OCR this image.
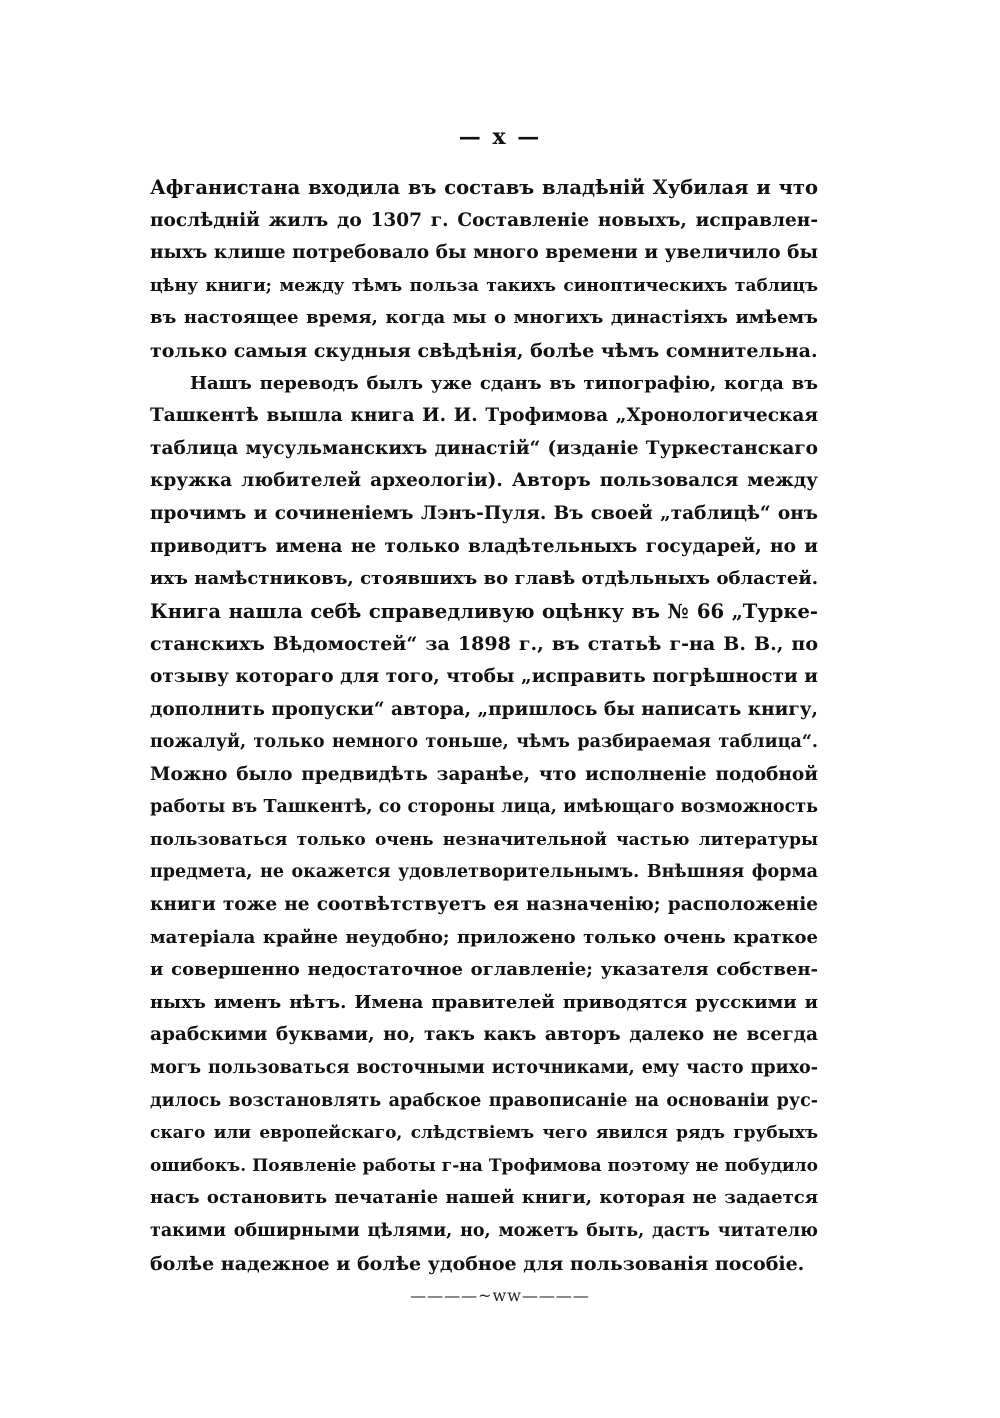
— x —
Афганистана входила въ составъ владѣній Хубилая и что
послѣдній жилъ до 1307 г. Составленіе новыхъ, исправлен-
ныхъ клише потребовало бы много времени и увеличило бы
цѣну книги; между тѣмъ польза такихъ синоптическихъ таблицъ
въ настоящее время, когда мы о многихъ династіяхъ имѣемъ
только самыя скудныя свѣдѣнія, болѣе чѣмъ сомнительна.
Нашъ переводъ былъ уже сданъ въ типографію, когда въ
Ташкентѣ вышла книга И. И. Трофимова „Хронологическая
таблица мусульманскихъ династій“ (изданіе Туркестанскаго
кружка любителей археологіи). Авторъ пользовался между
прочимъ и сочиненіемъ Лэнъ-Пуля. Въ своей „таблицѣ“ онъ
приводитъ имена не только владѣтельныхъ государей, но и
ихъ намѣстниковъ, стоявшихъ во главѣ отдѣльныхъ областей.
Книга нашла себѣ справедливую оцѣнку въ № 66 „Турке-
станскихъ Вѣдомостей“ за 1898 г., въ статьѣ г-на В. В., по
отзыву котораго для того, чтобы „исправить погрѣшности и
дополнить пропуски“ автора, „пришлось бы написать книгу,
пожалуй, только немного тоньше, чѣмъ разбираемая таблица“.
Можно было предвидѣть заранѣе, что исполненіе подобной
работы въ Ташкентѣ, со стороны лица, имѣющаго возможность
пользоваться только очень незначительной частью литературы
предмета, не окажется удовлетворительнымъ. Внѣшняя форма
книги тоже не соотвѣтствуетъ ея назначенію; расположеніе
матеріала крайне неудобно; приложено только очень краткое
и совершенно недостаточное оглавленіе; указателя собствен-
ныхъ именъ нѣтъ. Имена правителей приводятся русскими и
арабскими буквами, но, такъ какъ авторъ далеко не всегда
могъ пользоваться восточными источниками, ему часто прихо-
дилось возстановлять арабское правописаніе на основаніи рус-
скаго или европейскаго, слѣдствіемъ чего явился рядъ грубыхъ
ошибокъ. Появленіе работы г-на Трофимова поэтому не побудило
насъ остановить печатаніе нашей книги, которая не задается
такими обширными цѣлями, но, можетъ быть, дастъ читателю
болѣе надежное и болѣе удобное для пользованія пособіе.
————~ww————
